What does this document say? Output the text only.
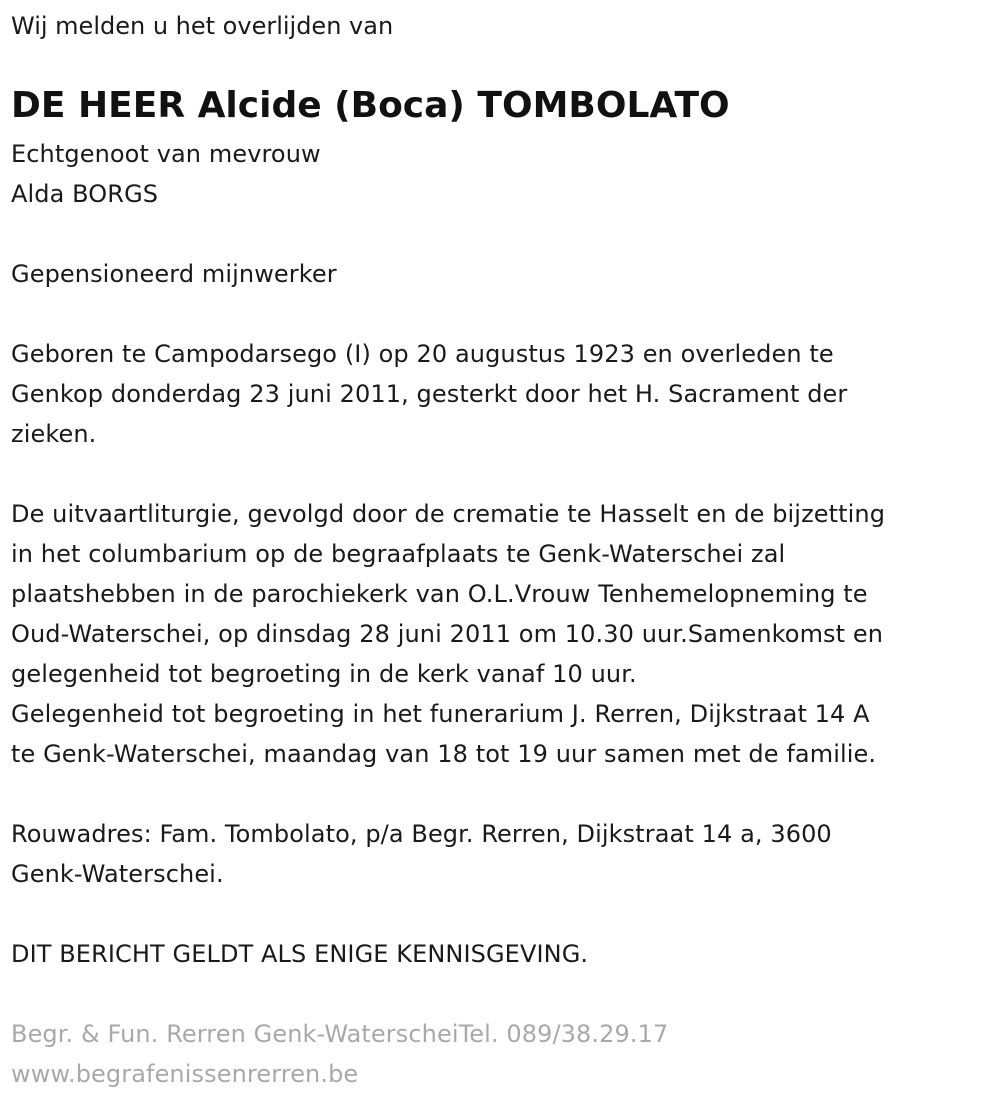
Wij melden u het overlijden van
DE HEER Alcide (Boca) TOMBOLATO
Echtgenoot van mevrouw
Alda BORGS
Gepensioneerd mijnwerker
Geboren te Campodarsego (I) op 20 augustus 1923 en overleden te
Genkop donderdag 23 juni 2011, gesterkt door het H. Sacrament der
zieken.
De uitvaartliturgie, gevolgd door de crematie te Hasselt en de bijzetting
in het columbarium op de begraafplaats te Genk-Waterschei zal
plaatshebben in de parochiekerk van O.L.Vrouw Tenhemelopneming te
Oud-Waterschei, op dinsdag 28 juni 2011 om 10.30 uur.Samenkomst en
gelegenheid tot begroeting in de kerk vanaf 10 uur.
Gelegenheid tot begroeting in het funerarium J. Rerren, Dijkstraat 14 A
te Genk-Waterschei, maandag van 18 tot 19 uur samen met de familie.
Rouwadres: Fam. Tombolato, p/a Begr. Rerren, Dijkstraat 14 a, 3600
Genk-Waterschei.
DIT BERICHT GELDT ALS ENIGE KENNISGEVING.
Begr. & Fun. Rerren Genk-WaterscheiTel. 089/38.29.17
www.begrafenissenrerren.be
